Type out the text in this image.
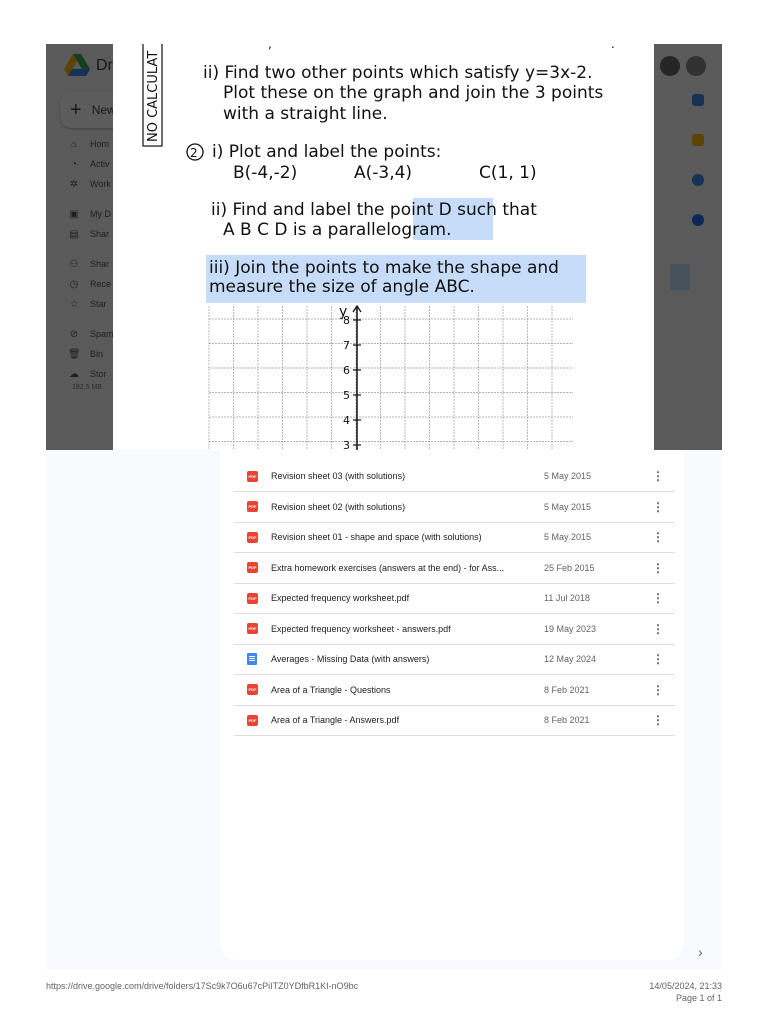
PDF Revision sheet 03 (with solutions)	5 May 2015	⋮
PDF Revision sheet 02 (with solutions)	5 May 2015	⋮
PDF Revision sheet 01 - shape and space (with solutions)	5 May 2015	⋮
PDF Extra homework exercises (answers at the end) - for Ass...	25 Feb 2015	⋮
PDF Expected frequency worksheet.pdf	11 Jul 2018	⋮
PDF Expected frequency worksheet - answers.pdf	19 May 2023	⋮
Averages - Missing Data (with answers)	12 May 2024	⋮
PDF Area of a Triangle - Questions	8 Feb 2021	⋮
PDF Area of a Triangle - Answers.pdf	8 Feb 2021	⋮
›
,	.
NO CALCULAT ii) Find two other points which satisfy y=3x-2.
Plot these on the graph and join the 3 points
with a straight line.
2 i) Plot and label the points:
B(-4,-2)	A(-3,4)	C(1, 1)
ii) Find and label the point D such that
A B C D is a parallelogram.
iii) Join the points to make the shape and
measure the size of angle ABC.
8
7
6
5
4
3
y
https://drive.google.com/drive/folders/17Sc9k7O6u67cPiITZ0YDfbR1KI-nO9bc	14/05/2024, 21:33
Page 1 of 1
